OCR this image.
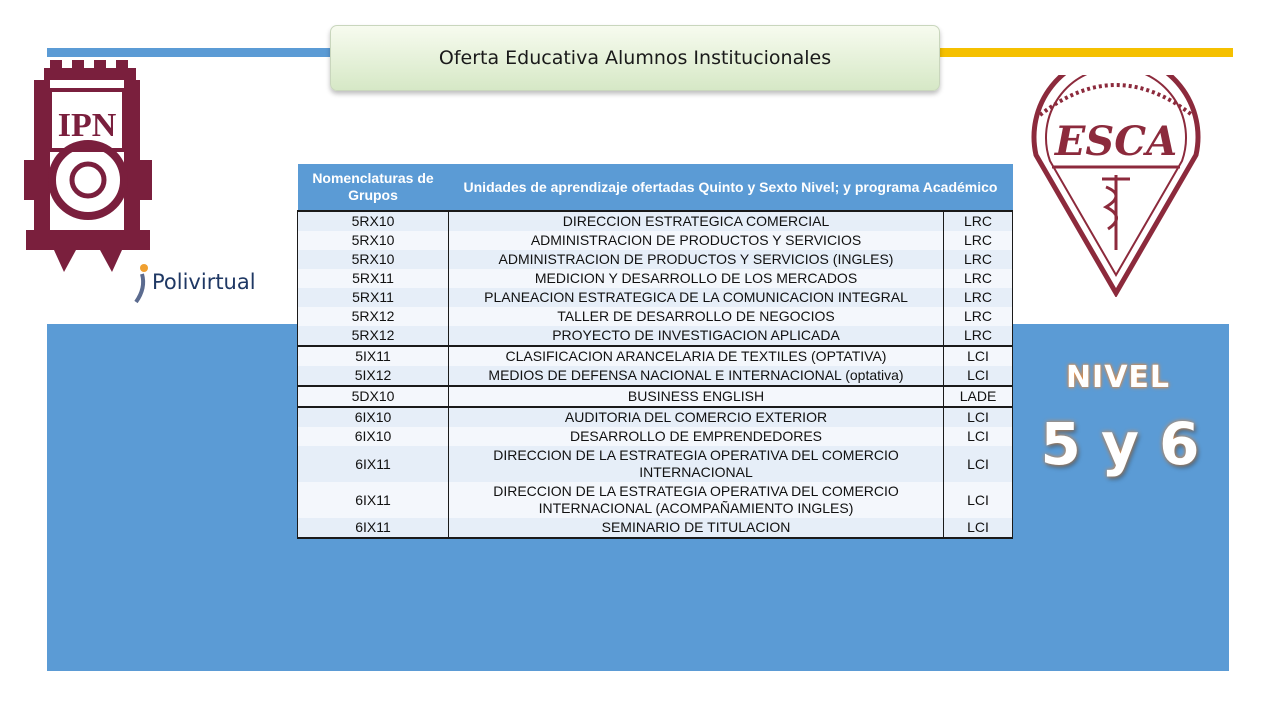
Oferta Educativa Alumnos Institucionales
IPN
Polivirtual
ESCA
NIVEL
5 y 6
Nomenclaturas de Grupos	Unidades de aprendizaje ofertadas Quinto y Sexto Nivel; y programa Académico	
5RX10	DIRECCION ESTRATEGICA COMERCIAL	LRC
5RX10	ADMINISTRACION DE PRODUCTOS Y SERVICIOS	LRC
5RX10	ADMINISTRACION DE PRODUCTOS Y SERVICIOS (INGLES)	LRC
5RX11	MEDICION Y DESARROLLO DE LOS MERCADOS	LRC
5RX11	PLANEACION ESTRATEGICA DE LA COMUNICACION INTEGRAL	LRC
5RX12	TALLER DE DESARROLLO DE NEGOCIOS	LRC
5RX12	PROYECTO DE INVESTIGACION APLICADA	LRC
5IX11	CLASIFICACION ARANCELARIA DE TEXTILES (OPTATIVA)	LCI
5IX12	MEDIOS DE DEFENSA NACIONAL E INTERNACIONAL (optativa)	LCI
5DX10	BUSINESS ENGLISH	LADE
6IX10	AUDITORIA DEL COMERCIO EXTERIOR	LCI
6IX10	DESARROLLO DE EMPRENDEDORES	LCI
6IX11	DIRECCION DE LA ESTRATEGIA OPERATIVA DEL COMERCIO INTERNACIONAL	LCI
6IX11	DIRECCION DE LA ESTRATEGIA OPERATIVA DEL COMERCIO INTERNACIONAL (ACOMPAÑAMIENTO INGLES)	LCI
6IX11	SEMINARIO DE TITULACION	LCI
